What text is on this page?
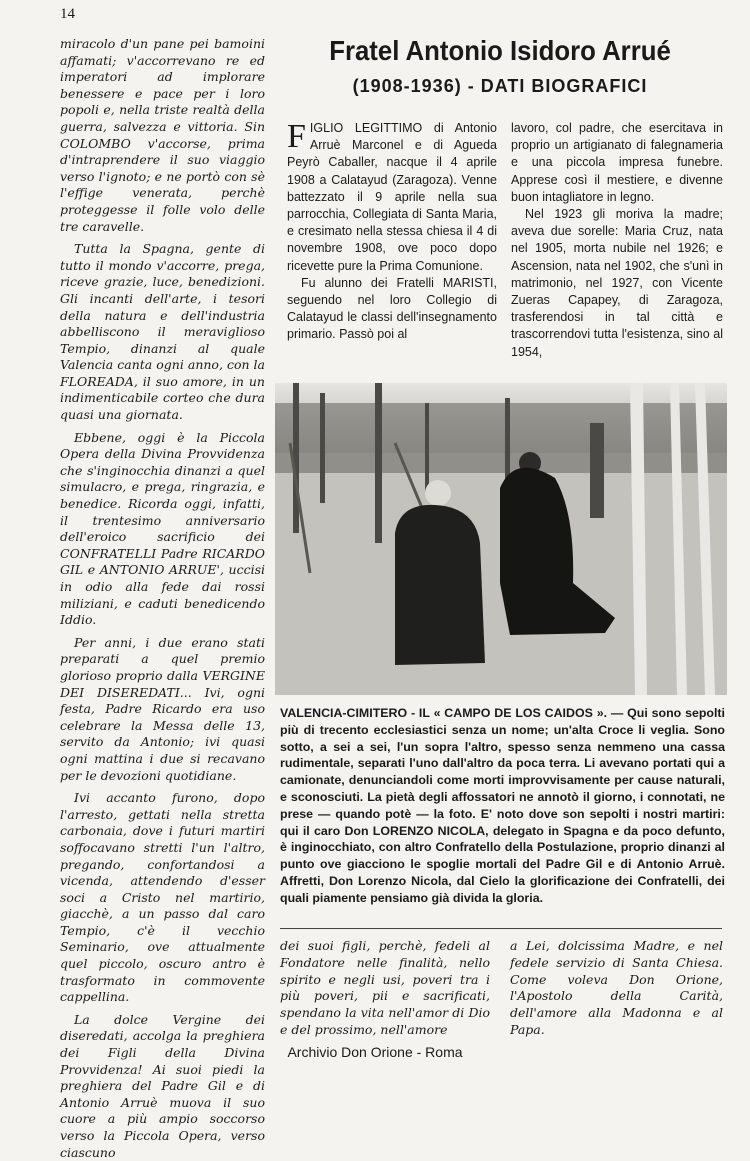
14

miracolo d'un pane pei bamoini affamati; v'accorrevano re ed imperatori ad implorare benessere e pace per i loro popoli e, nella triste realtà della guerra, salvezza e vittoria. Sin COLOMBO v'accorse, prima d'intraprendere il suo viaggio verso l'ignoto; e ne portò con sè l'effige venerata, perchè proteggesse il folle volo delle tre caravelle.

Tutta la Spagna, gente di tutto il mondo v'accorre, prega, riceve grazie, luce, benedizioni. Gli incanti dell'arte, i tesori della natura e dell'industria abbelliscono il meraviglioso Tempio, dinanzi al quale Valencia canta ogni anno, con la FLOREADA, il suo amore, in un indimenticabile corteo che dura quasi una giornata.

Ebbene, oggi è la Piccola Opera della Divina Provvidenza che s'inginocchia dinanzi a quel simulacro, e prega, ringrazia, e benedice. Ricorda oggi, infatti, il trentesimo anniversario dell'eroico sacrificio dei CONFRATELLI Padre RICARDO GIL e ANTONIO ARRUE', uccisi in odio alla fede dai rossi miliziani, e caduti benedicendo Iddio.

Per anni, i due erano stati preparati a quel premio glorioso proprio dalla VERGINE DEI DISEREDATI... Ivi, ogni festa, Padre Ricardo era uso celebrare la Messa delle 13, servito da Antonio; ivi quasi ogni mattina i due si recavano per le devozioni quotidiane.

Ivi accanto furono, dopo l'arresto, gettati nella stretta carbonaia, dove i futuri martiri soffocavano stretti l'un l'altro, pregando, confortandosi a vicenda, attendendo d'esser soci a Cristo nel martirio, giacchè, a un passo dal caro Tempio, c'è il vecchio Seminario, ove attualmente quel piccolo, oscuro antro è trasformato in commovente cappellina.

La dolce Vergine dei diseredati, accolga la preghiera dei Figli della Divina Provvidenza! Ai suoi piedi la preghiera del Padre Gil e di Antonio Arruè muova il suo cuore a più ampio soccorso verso la Piccola Opera, verso ciascuno

Fratel Antonio Isidoro Arrué
(1908-1936) - DATI BIOGRAFICI

FIGLIO LEGITTIMO di Antonio Arruè Marconel e di Agueda Peyrò Caballer, nacque il 4 aprile 1908 a Calatayud (Zaragoza). Venne battezzato il 9 aprile nella sua parrocchia, Collegiata di Santa Maria, e cresimato nella stessa chiesa il 4 di novembre 1908, ove poco dopo ricevette pure la Prima Comunione.

Fu alunno dei Fratelli MARISTI, seguendo nel loro Collegio di Calatayud le classi dell'insegnamento primario. Passò poi al

lavoro, col padre, che esercitava in proprio un artigianato di falegnameria e una piccola impresa funebre. Apprese così il mestiere, e divenne buon intagliatore in legno.

Nel 1923 gli moriva la madre; aveva due sorelle: Maria Cruz, nata nel 1905, morta nubile nel 1926; e Ascension, nata nel 1902, che s'unì in matrimonio, nel 1927, con Vicente Zueras Capapey, di Zaragoza, trasferendosi in tal città e trascorrendovi tutta l'esistenza, sino al 1954,

VALENCIA-CIMITERO - IL « CAMPO DE LOS CAIDOS ». — Qui sono sepolti più di trecento ecclesiastici senza un nome; un'alta Croce li veglia. Sono sotto, a sei a sei, l'un sopra l'altro, spesso senza nemmeno una cassa rudimentale, separati l'uno dall'altro da poca terra. Li avevano portati qui a camionate, denunciandoli come morti improvvisamente per cause naturali, e sconosciuti. La pietà degli affossatori ne annotò il giorno, i connotati, ne prese — quando potè — la foto. E' noto dove son sepolti i nostri martiri: qui il caro Don LORENZO NICOLA, delegato in Spagna e da poco defunto, è inginocchiato, con altro Confratello della Postulazione, proprio dinanzi al punto ove giacciono le spoglie mortali del Padre Gil e di Antonio Arruè. Affretti, Don Lorenzo Nicola, dal Cielo la glorificazione dei Confratelli, dei quali piamente pensiamo già divida la gloria.
dei suoi figli, perchè, fedeli al Fondatore nelle finalità, nello spirito e negli usi, poveri tra i più poveri, pii e sacrificati, spendano la vita nell'amor di Dio e del prossimo, nell'amore
a Lei, dolcissima Madre, e nel fedele servizio di Santa Chiesa. Come voleva Don Orione, l'Apostolo della Carità, dell'amore alla Madonna e al Papa.
Archivio Don Orione - Roma
